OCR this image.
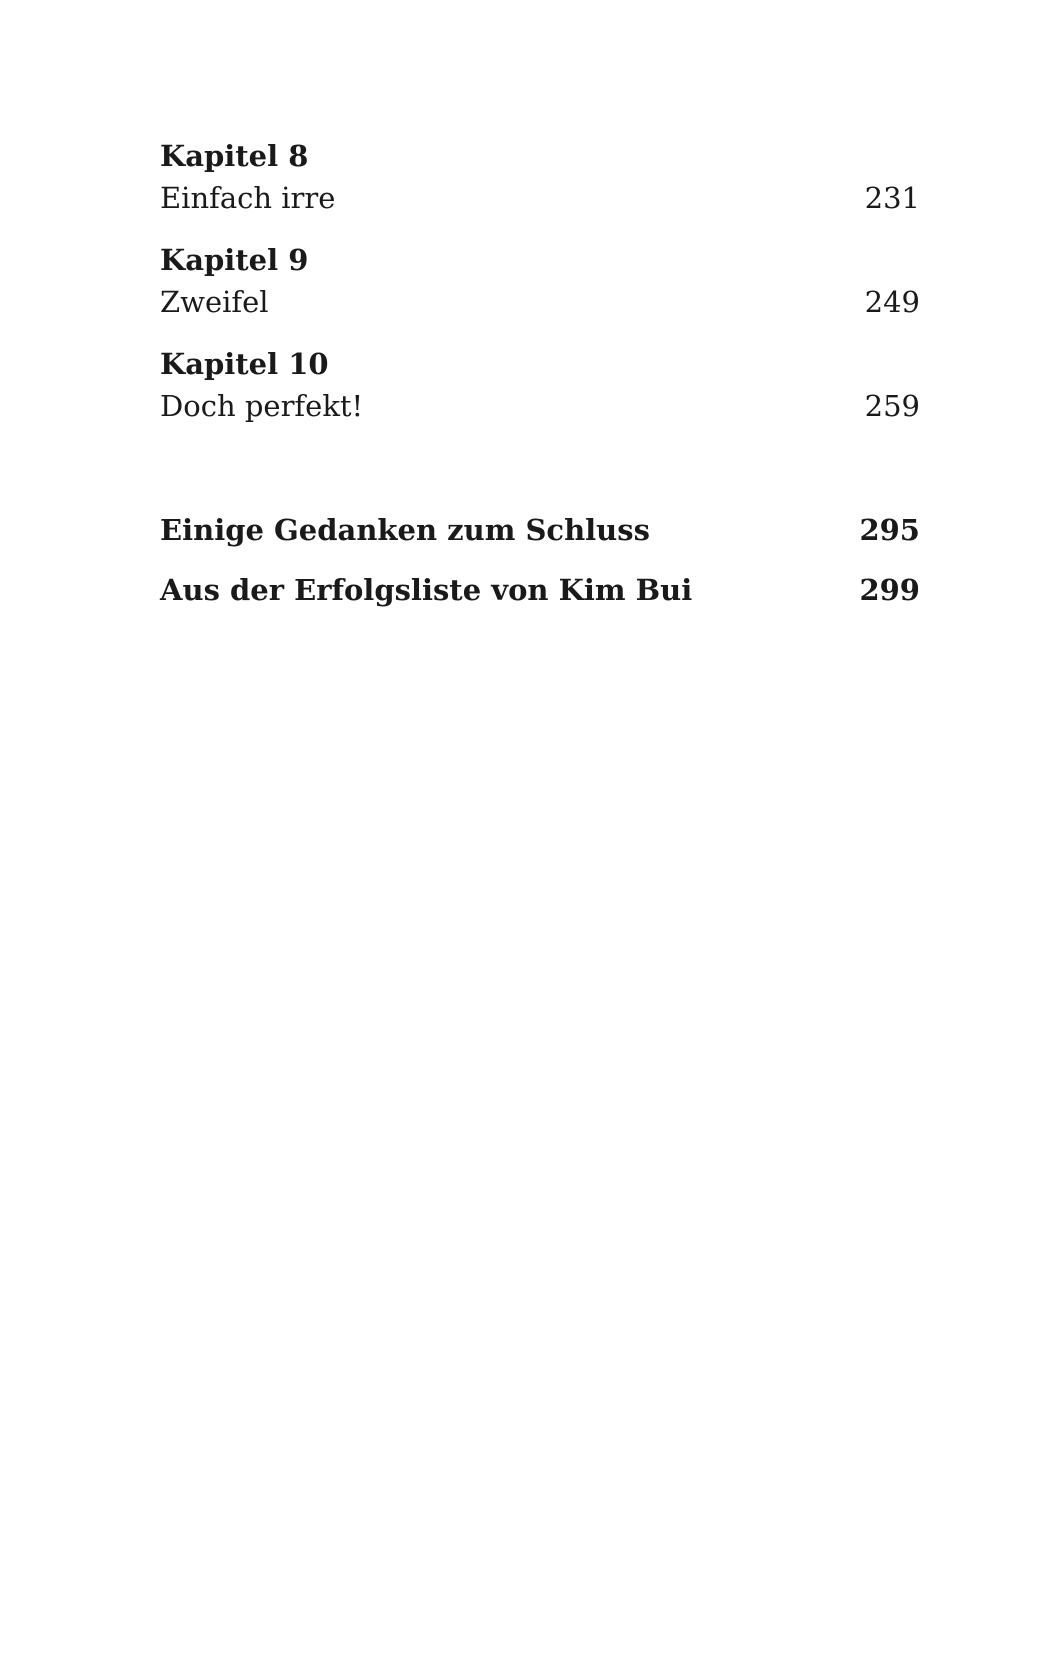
Kapitel 8
Einfach irre	231
Kapitel 9
Zweifel	249
Kapitel 10
Doch perfekt!	259
Einige Gedanken zum Schluss	295
Aus der Erfolgsliste von Kim Bui	299
